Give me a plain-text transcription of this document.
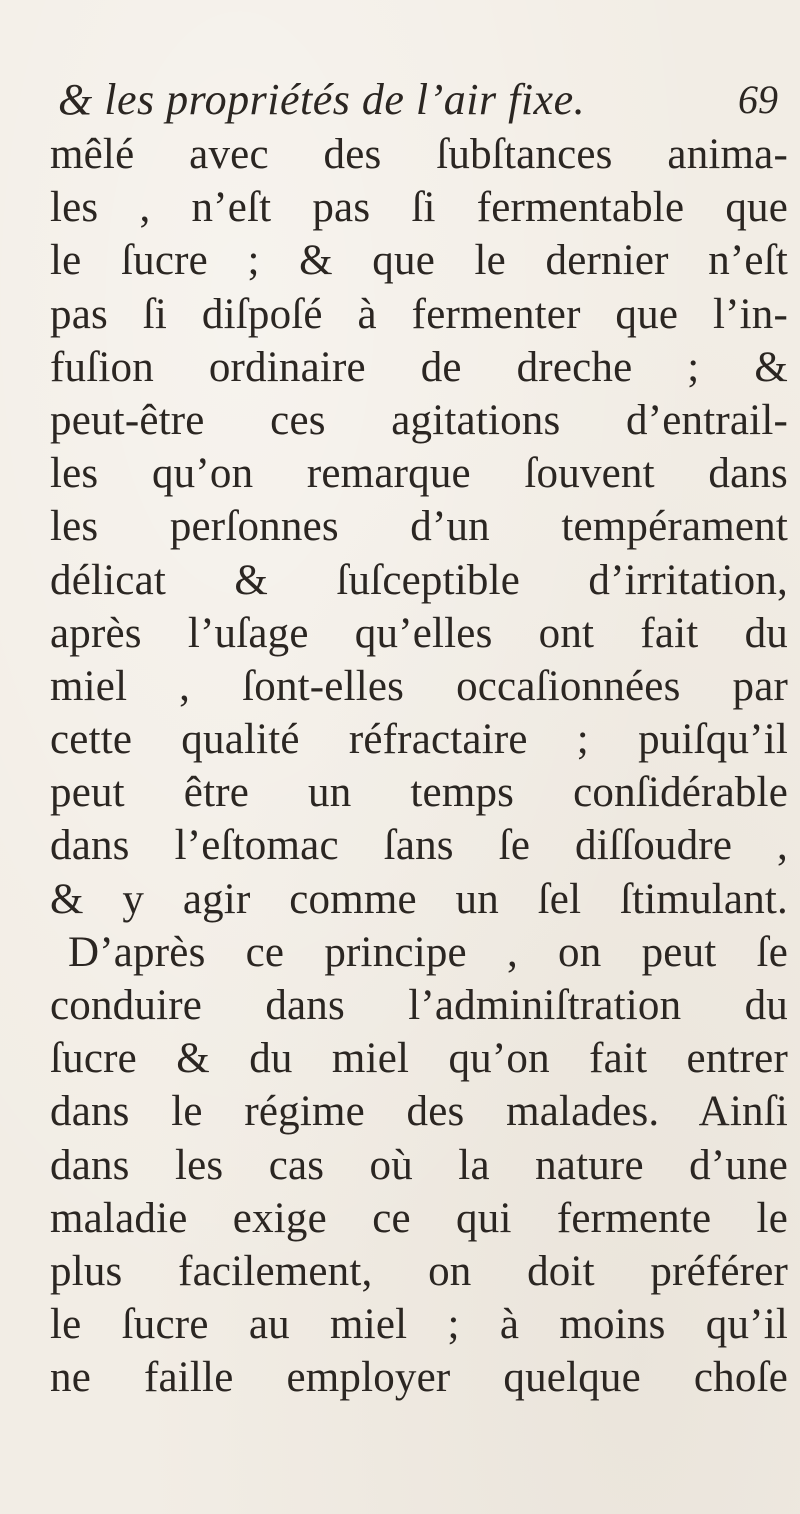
& les propriétés de l’air fixe.	69
mêlé avec des ſubſtances anima-
les , n’eſt pas ſi fermentable que
le ſucre ; & que le dernier n’eſt
pas ſi diſpoſé à fermenter que l’in-
fuſion ordinaire de dreche ; &
peut-être ces agitations d’entrail-
les qu’on remarque ſouvent dans
les perſonnes d’un tempérament
délicat & ſuſceptible d’irritation,
après l’uſage qu’elles ont fait du
miel , ſont-elles occaſionnées par
cette qualité réfractaire ; puiſqu’il
peut être un temps conſidérable
dans l’eſtomac ſans ſe diſſoudre ,
& y agir comme un ſel ſtimulant.
D’après ce principe , on peut ſe
conduire dans l’adminiſtration du
ſucre & du miel qu’on fait entrer
dans le régime des malades. Ainſi
dans les cas où la nature d’une
maladie exige ce qui fermente le
plus facilement, on doit préférer
le ſucre au miel ; à moins qu’il
ne faille employer quelque choſe
